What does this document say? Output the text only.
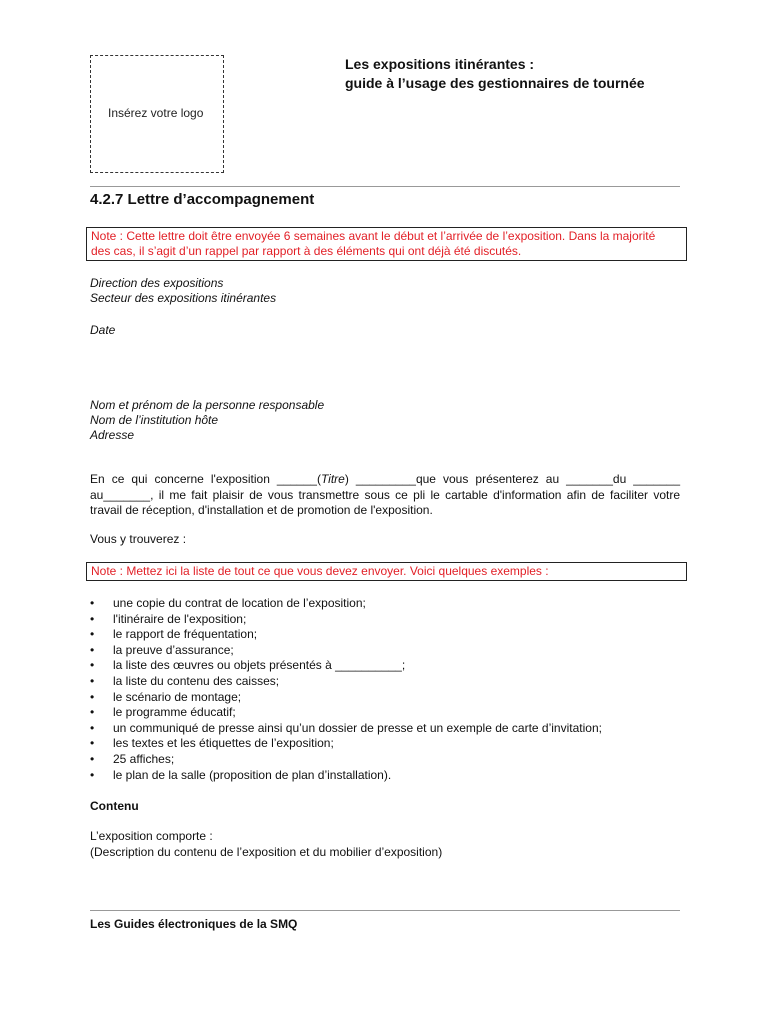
Insérez votre logo
Les expositions itinérantes :
guide à l’usage des gestionnaires de tournée
4.2.7 Lettre d’accompagnement
Note : Cette lettre doit être envoyée 6 semaines avant le début et l’arrivée de l’exposition. Dans la majorité
des cas, il s’agit d’un rappel par rapport à des éléments qui ont déjà été discutés.
Direction des expositions
Secteur des expositions itinérantes
Date
Nom et prénom de la personne responsable
Nom de l’institution hôte
Adresse
En ce qui concerne l'exposition ______(Titre) _________que vous présenterez au _______du _______
au_______, il me fait plaisir de vous transmettre sous ce pli le cartable d'information afin de faciliter votre
travail de réception, d'installation et de promotion de l'exposition.
Vous y trouverez :
Note : Mettez ici la liste de tout ce que vous devez envoyer. Voici quelques exemples :
• une copie du contrat de location de l’exposition;
• l'itinéraire de l'exposition;
• le rapport de fréquentation;
• la preuve d’assurance;
• la liste des œuvres ou objets présentés à __________;
• la liste du contenu des caisses;
• le scénario de montage;
• le programme éducatif;
• un communiqué de presse ainsi qu’un dossier de presse et un exemple de carte d’invitation;
• les textes et les étiquettes de l’exposition;
• 25 affiches;
• le plan de la salle (proposition de plan d’installation).
Contenu
L’exposition comporte :
(Description du contenu de l’exposition et du mobilier d’exposition)
Les Guides électroniques de la SMQ
